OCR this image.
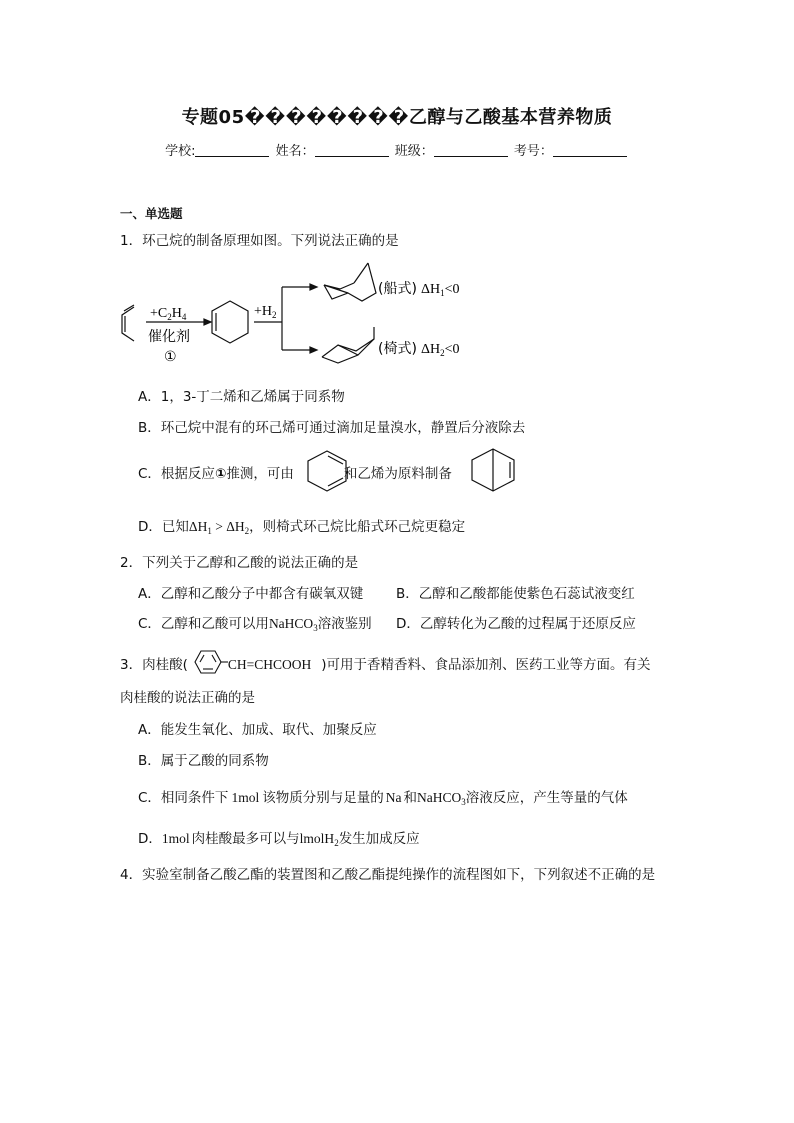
专题05��������乙醇与乙酸基本营养物质
学校:	姓名：	班级：	考号：
一、单选题
1．环己烷的制备原理如图。下列说法正确的是
$+C_2H_4$
催化剂
①
$+H_2$
(船式) $\Delta H_1<0$
(椅式) $\Delta H_2<0$
A．1，3-丁二烯和乙烯属于同系物
B．环己烷中混有的环己烯可通过滴加足量溴水，静置后分液除去
C．根据反应①推测，可由	和乙烯为原料制备
D．已知$\Delta H_1 > \Delta H_2$，则椅式环己烷比船式环己烷更稳定
2．下列关于乙醇和乙酸的说法正确的是
A．乙醇和乙酸分子中都含有碳氧双键 B．乙醇和乙酸都能使紫色石蕊试液变红
C．乙醇和乙酸可以用NaHCO$_3$溶液鉴别 D．乙醇转化为乙酸的过程属于还原反应
3．肉桂酸(	CH=CHCOOH )可用于香精香料、食品添加剂、医药工业等方面。有关
肉桂酸的说法正确的是
A．能发生氧化、加成、取代、加聚反应
B．属于乙酸的同系物
C．相同条件下 1mol 该物质分别与足量的 Na 和NaHCO$_3$溶液反应，产生等量的气体
D．1mol 肉桂酸最多可以与lmolH$_2$发生加成反应
4．实验室制备乙酸乙酯的装置图和乙酸乙酯提纯操作的流程图如下，下列叙述不正确的是
